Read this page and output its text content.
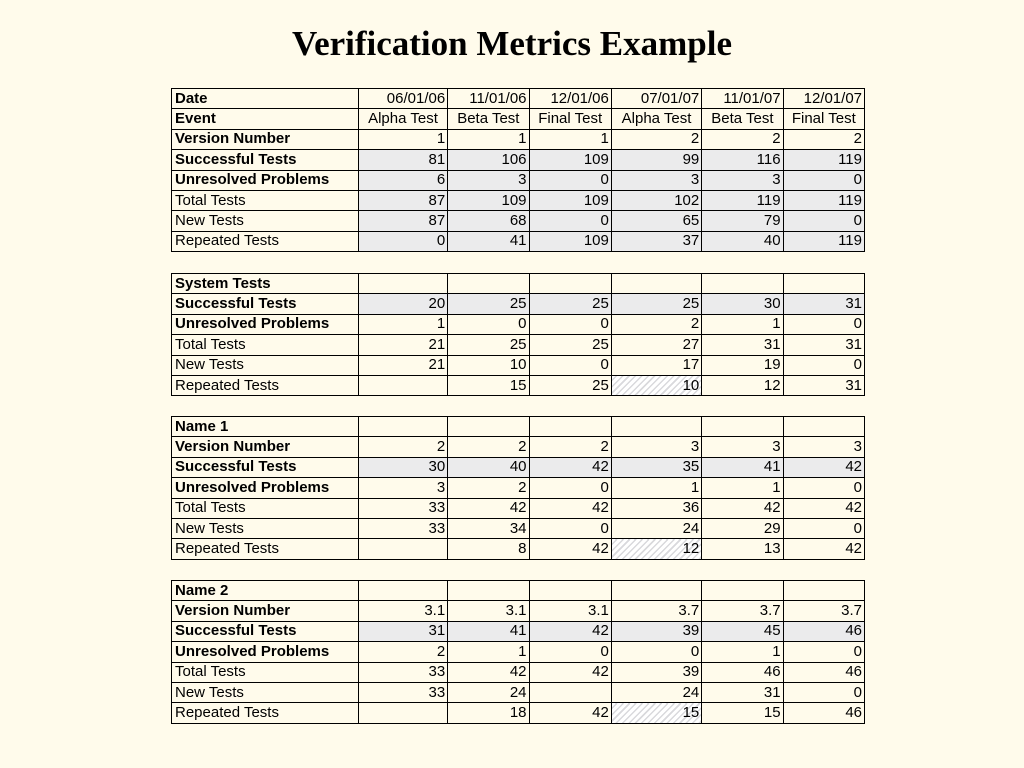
Verification Metrics Example
Date	06/01/06	11/01/06	12/01/06	07/01/07	11/01/07	12/01/07
Event	Alpha Test	Beta Test	Final Test	Alpha Test	Beta Test	Final Test
Version Number	1	1	1	2	2	2
Successful Tests	81	106	109	99	116	119
Unresolved Problems	6	3	0	3	3	0
Total Tests	87	109	109	102	119	119
New Tests	87	68	0	65	79	0
Repeated Tests	0	41	109	37	40	119
System Tests						
Successful Tests	20	25	25	25	30	31
Unresolved Problems	1	0	0	2	1	0
Total Tests	21	25	25	27	31	31
New Tests	21	10	0	17	19	0
Repeated Tests		15	25	10	12	31
Name 1						
Version Number	2	2	2	3	3	3
Successful Tests	30	40	42	35	41	42
Unresolved Problems	3	2	0	1	1	0
Total Tests	33	42	42	36	42	42
New Tests	33	34	0	24	29	0
Repeated Tests		8	42	12	13	42
Name 2						
Version Number	3.1	3.1	3.1	3.7	3.7	3.7
Successful Tests	31	41	42	39	45	46
Unresolved Problems	2	1	0	0	1	0
Total Tests	33	42	42	39	46	46
New Tests	33	24		24	31	0
Repeated Tests		18	42	15	15	46
